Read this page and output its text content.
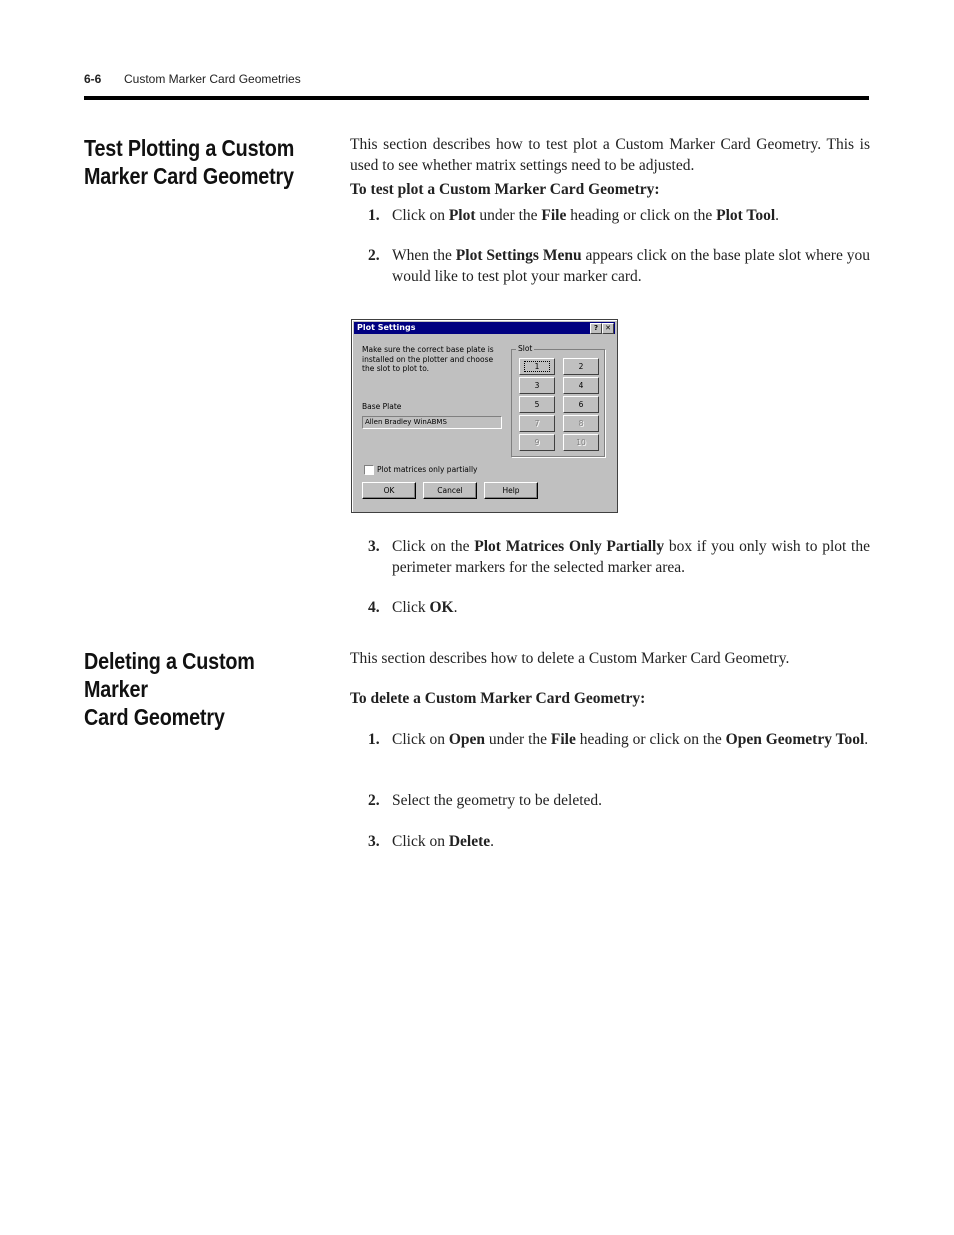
6-6 Custom Marker Card Geometries
Test Plotting a Custom
Marker Card Geometry
This section describes how to test plot a Custom Marker Card Geometry. This is used to see whether matrix settings need to be adjusted.
To test plot a Custom Marker Card Geometry:
1. Click on Plot under the File heading or click on the Plot Tool.
2. When the Plot Settings Menu appears click on the base plate slot where you would like to test plot your marker card.
Plot Settings	?	✕
Make sure the correct base plate is installed on the plotter and choose the slot to plot to.
Base Plate
Allen Bradley WinABMS
Slot
1	2
3	4
5	6
7	8
9	10
Plot matrices only partially
OK	Cancel	Help
3. Click on the Plot Matrices Only Partially box if you only wish to plot the perimeter markers for the selected marker area.
4. Click OK.
Deleting a Custom Marker
Card Geometry
This section describes how to delete a Custom Marker Card Geometry.
To delete a Custom Marker Card Geometry:
1. Click on Open under the File heading or click on the Open Geometry Tool.
2. Select the geometry to be deleted.
3. Click on Delete.
